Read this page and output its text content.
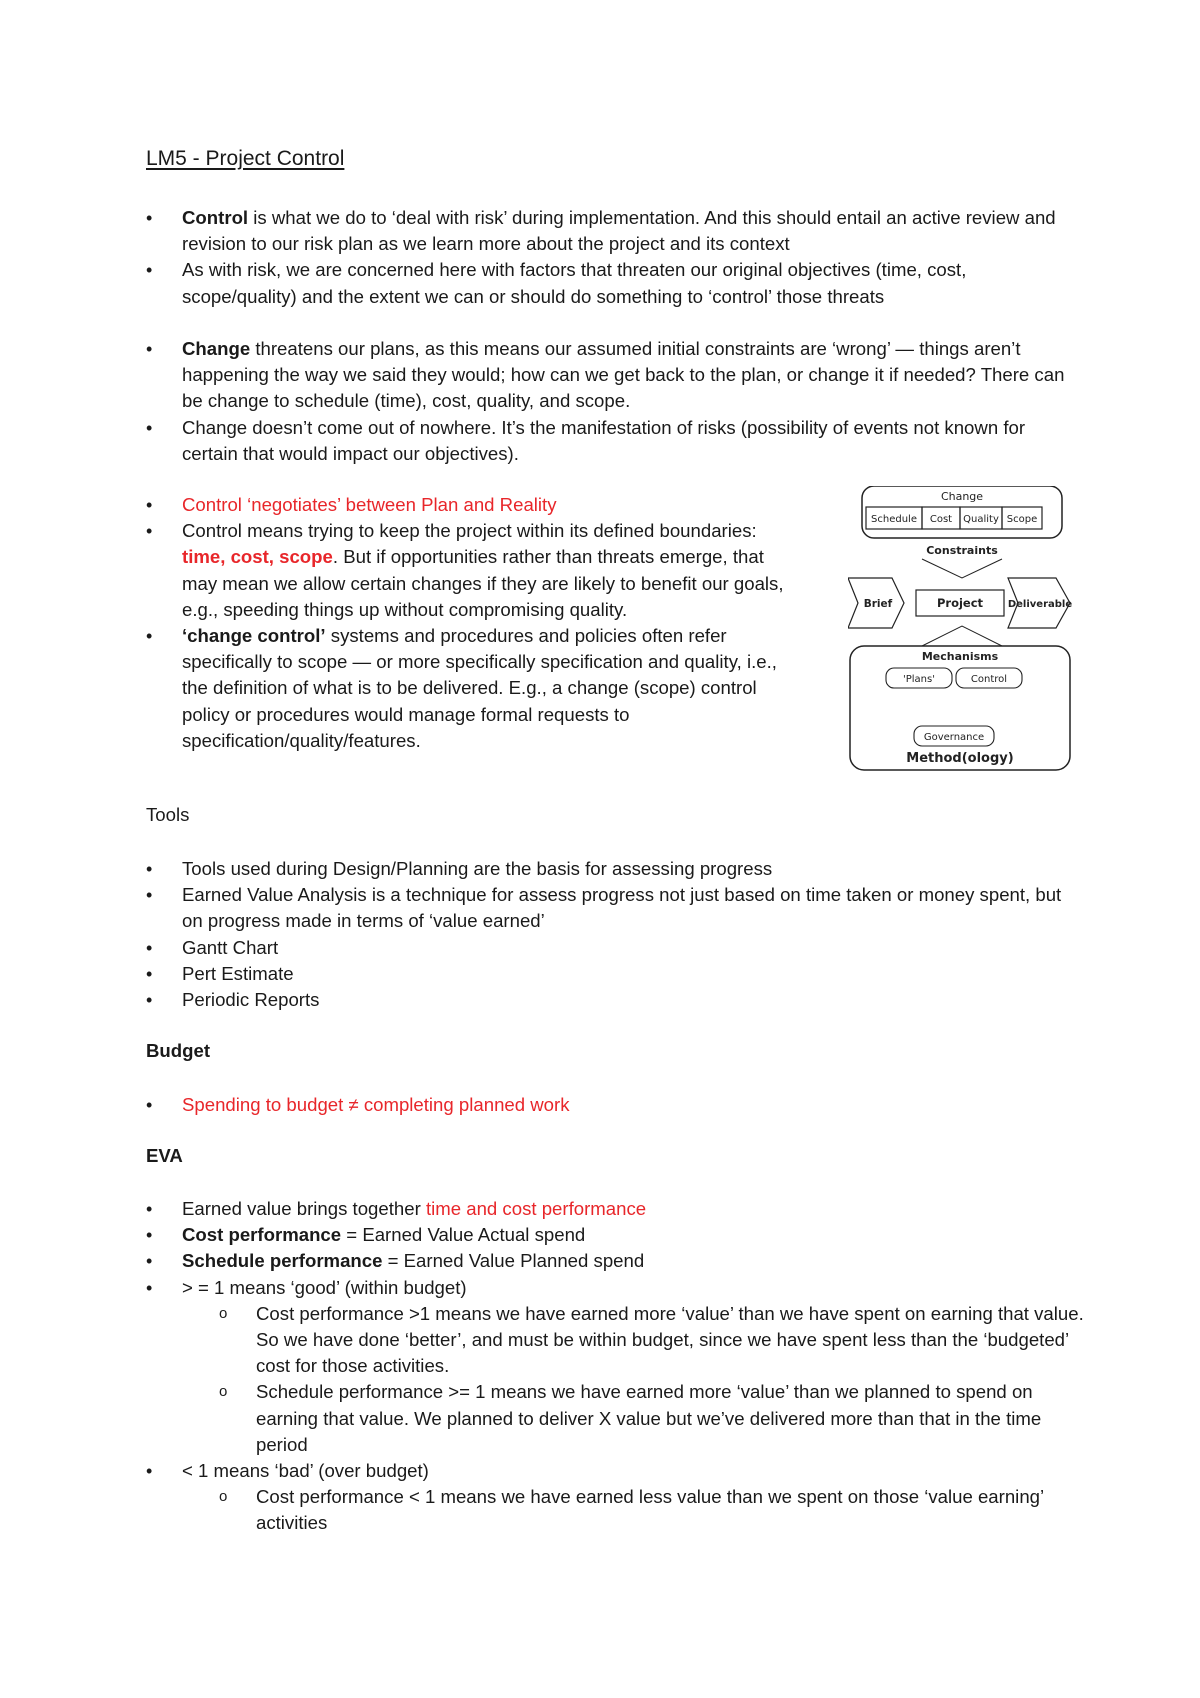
LM5 - Project Control
• Control is what we do to ‘deal with risk’ during implementation. And this should entail an active review and revision to our risk plan as we learn more about the project and its context
• As with risk, we are concerned here with factors that threaten our original objectives (time, cost, scope/quality) and the extent we can or should do something to ‘control’ those threats
• Change threatens our plans, as this means our assumed initial constraints are ‘wrong’ — things aren’t happening the way we said they would; how can we get back to the plan, or change it if needed? There can be change to schedule (time), cost, quality, and scope.
• Change doesn’t come out of nowhere. It’s the manifestation of risks (possibility of events not known for certain that would impact our objectives).
• Control ‘negotiates’ between Plan and Reality
• Control means trying to keep the project within its defined boundaries: time, cost, scope. But if opportunities rather than threats emerge, that may mean we allow certain changes if they are likely to benefit our goals, e.g., speeding things up without compromising quality.
• ‘change control’ systems and procedures and policies often refer specifically to scope — or more specifically specification and quality, i.e., the definition of what is to be delivered. E.g., a change (scope) control policy or procedures would manage formal requests to specification/quality/features.
Change
Schedule Cost Quality Scope
Constraints
Brief	Project Deliverable
Mechanisms
'Plans'	Control
Governance
Method(ology)

Tools

• Tools used during Design/Planning are the basis for assessing progress
• Earned Value Analysis is a technique for assess progress not just based on time taken or money spent, but on progress made in terms of ‘value earned’
• Gantt Chart
• Pert Estimate
• Periodic Reports

Budget

• Spending to budget ≠ completing planned work

EVA

• Earned value brings together time and cost performance
• Cost performance = Earned Value Actual spend
• Schedule performance = Earned Value Planned spend
• > = 1 means ‘good’ (within budget)
o Cost performance >1 means we have earned more ‘value’ than we have spent on earning that value. So we have done ‘better’, and must be within budget, since we have spent less than the ‘budgeted’ cost for those activities.
o Schedule performance >= 1 means we have earned more ‘value’ than we planned to spend on earning that value. We planned to deliver X value but we’ve delivered more than that in the time period
• < 1 means ‘bad’ (over budget)
o Cost performance < 1 means we have earned less value than we spent on those ‘value earning’ activities
